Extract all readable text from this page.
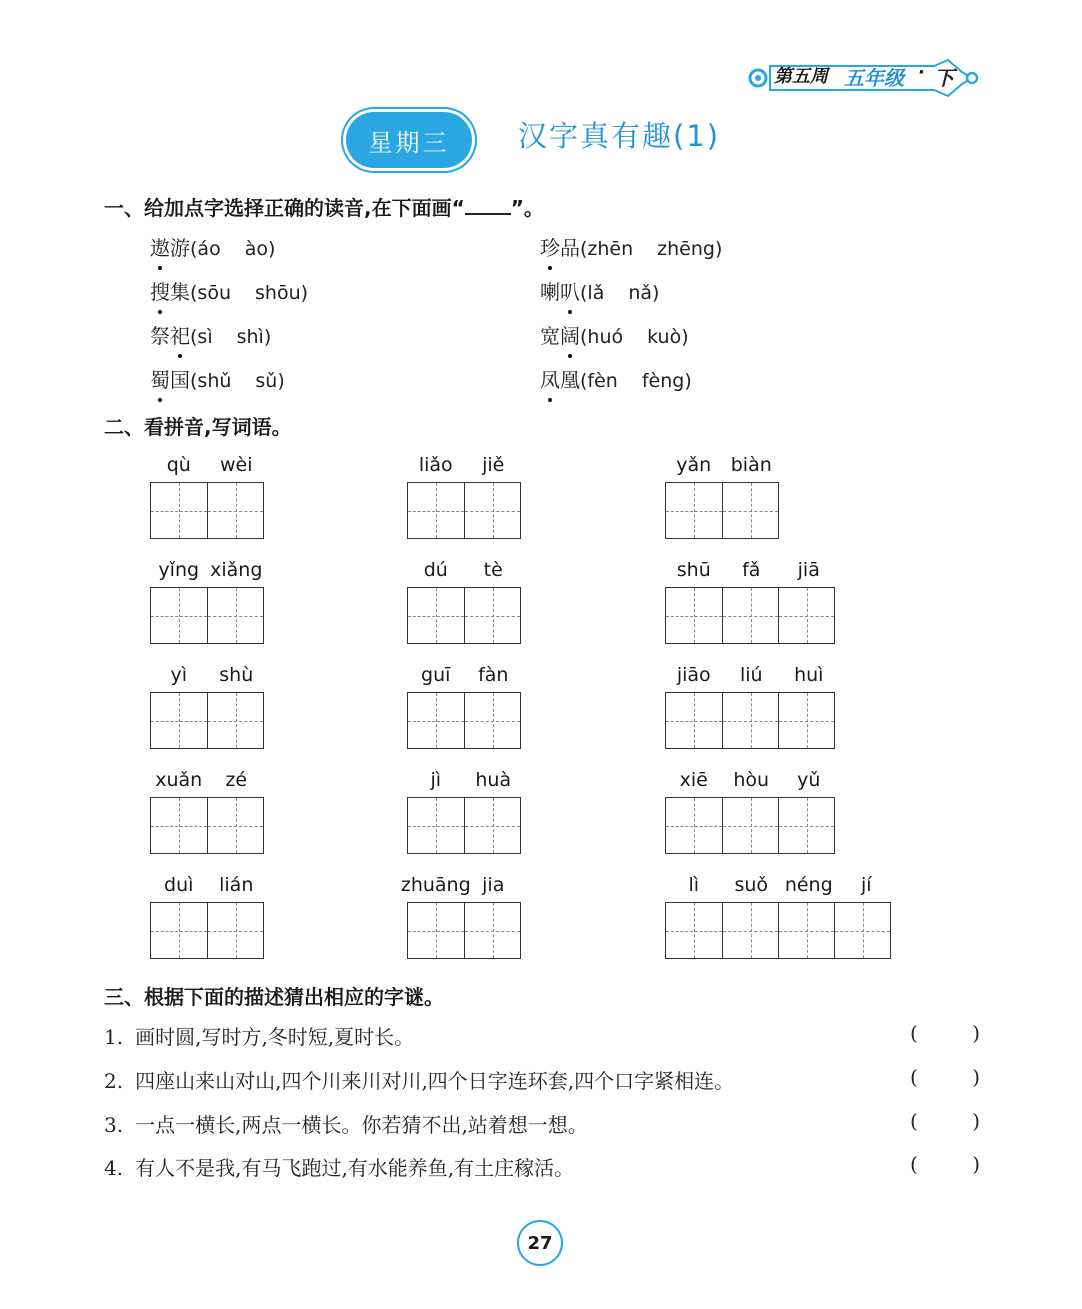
第五周 五年级 · 下
星期三	汉字真有趣(1)
一、给加点字选择正确的读音,在下面画“ ”。
遨游(áo ào)	珍品(zhēn zhēng)
搜集(sōu shōu)	喇叭(lǎ nǎ)
祭祀(sì shì)	宽阔(huó kuò)
蜀国(shǔ sǔ)	凤凰(fèn fèng)
二、看拼音,写词语。
qù wèi	liǎo jiě	yǎn biàn
yǐng xiǎng	dú tè	shū fǎ jiā
yì shù	guī fàn	jiāo liú huì
xuǎn zé	jì huà	xiē hòu yǔ
duì lián	zhuāng jia	lì suǒ néng jí
三、根据下面的描述猜出相应的字谜。
1. 画时圆,写时方,冬时短,夏时长。	(	)
2. 四座山来山对山,四个川来川对川,四个日字连环套,四个口字紧相连。	(	)
3. 一点一横长,两点一横长。你若猜不出,站着想一想。	(	)
4. 有人不是我,有马飞跑过,有水能养鱼,有土庄稼活。	(	)
27
